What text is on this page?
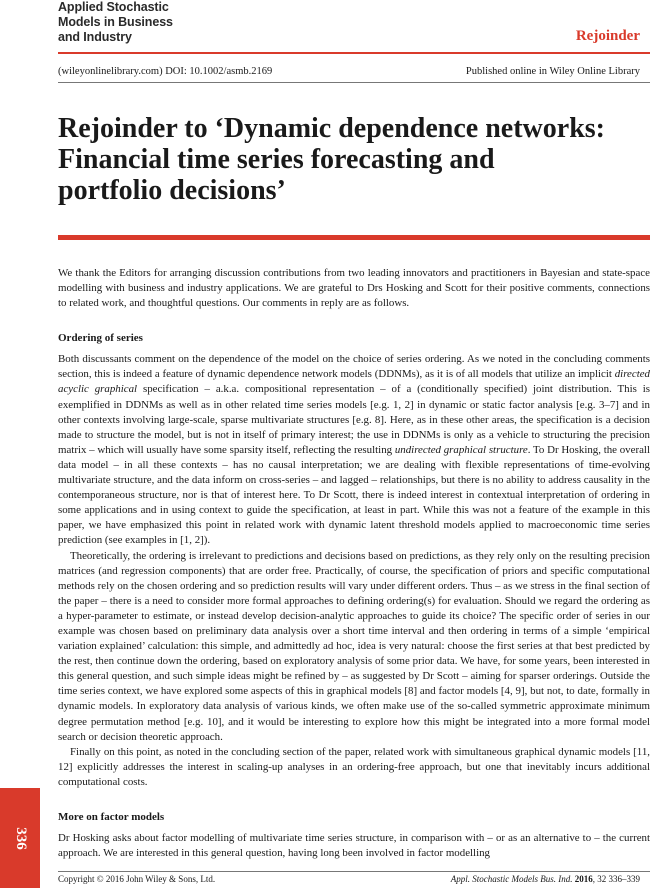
Applied Stochastic
Models in Business
and Industry	Rejoinder
(wileyonlinelibrary.com) DOI: 10.1002/asmb.2169	Published online in Wiley Online Library
Rejoinder to ‘Dynamic dependence networks:
Financial time series forecasting and
portfolio decisions’

We thank the Editors for arranging discussion contributions from two leading innovators and practitioners in Bayesian and state-space modelling with business and industry applications. We are grateful to Drs Hosking and Scott for their positive comments, connections to related work, and thoughtful questions. Our comments in reply are as follows.

Ordering of series

Both discussants comment on the dependence of the model on the choice of series ordering. As we noted in the concluding comments section, this is indeed a feature of dynamic dependence network models (DDNMs), as it is of all models that utilize an implicit directed acyclic graphical specification – a.k.a. compositional representation – of a (conditionally specified) joint distribution. This is exemplified in DDNMs as well as in other related time series models [e.g. 1, 2] in dynamic or static factor analysis [e.g. 3–7] and in other contexts involving large-scale, sparse multivariate structures [e.g. 8]. Here, as in these other areas, the specification is a decision made to structure the model, but is not in itself of primary interest; the use in DDNMs is only as a vehicle to structuring the precision matrix – which will usually have some sparsity itself, reflecting the resulting undirected graphical structure. To Dr Hosking, the overall data model – in all these contexts – has no causal interpretation; we are dealing with flexible representations of time-evolving multivariate structure, and the data inform on cross-series – and lagged – relationships, but there is no ability to address causality in the contemporaneous structure, nor is that of interest here. To Dr Scott, there is indeed interest in contextual interpretation of ordering in some applications and in using context to guide the specification, at least in part. While this was not a feature of the example in this paper, we have emphasized this point in related work with dynamic latent threshold models applied to macroeconomic time series prediction (see examples in [1, 2]).

Theoretically, the ordering is irrelevant to predictions and decisions based on predictions, as they rely only on the resulting precision matrices (and regression components) that are order free. Practically, of course, the specification of priors and specific computational methods rely on the chosen ordering and so prediction results will vary under different orders. Thus – as we stress in the final section of the paper – there is a need to consider more formal approaches to defining ordering(s) for evaluation. Should we regard the ordering as a hyper-parameter to estimate, or instead develop decision-analytic approaches to guide its choice? The specific order of series in our example was chosen based on preliminary data analysis over a short time interval and then ordering in terms of a simple ‘empirical variation explained’ calculation: this simple, and admittedly ad hoc, idea is very natural: choose the first series at that best predicted by the rest, then continue down the ordering, based on exploratory analysis of some prior data. We have, for some years, been interested in this general question, and such simple ideas might be refined by – as suggested by Dr Scott – aiming for sparser orderings. Outside the time series context, we have explored some aspects of this in graphical models [8] and factor models [4, 9], but not, to date, formally in dynamic models. In exploratory data analysis of various kinds, we often make use of the so-called symmetric approximate minimum degree permutation method [e.g. 10], and it would be interesting to explore how this might be integrated into a more formal model search or decision theoretic approach.

Finally on this point, as noted in the concluding section of the paper, related work with simultaneous graphical dynamic models [11, 12] explicitly addresses the interest in scaling-up analyses in an ordering-free approach, but one that inevitably incurs additional computational costs.

More on factor models

Dr Hosking asks about factor modelling of multivariate time series structure, in comparison with – or as an alternative to – the current approach. We are interested in this general question, having long been involved in factor modelling

336
Copyright © 2016 John Wiley & Sons, Ltd.	Appl. Stochastic Models Bus. Ind. 2016, 32 336–339
